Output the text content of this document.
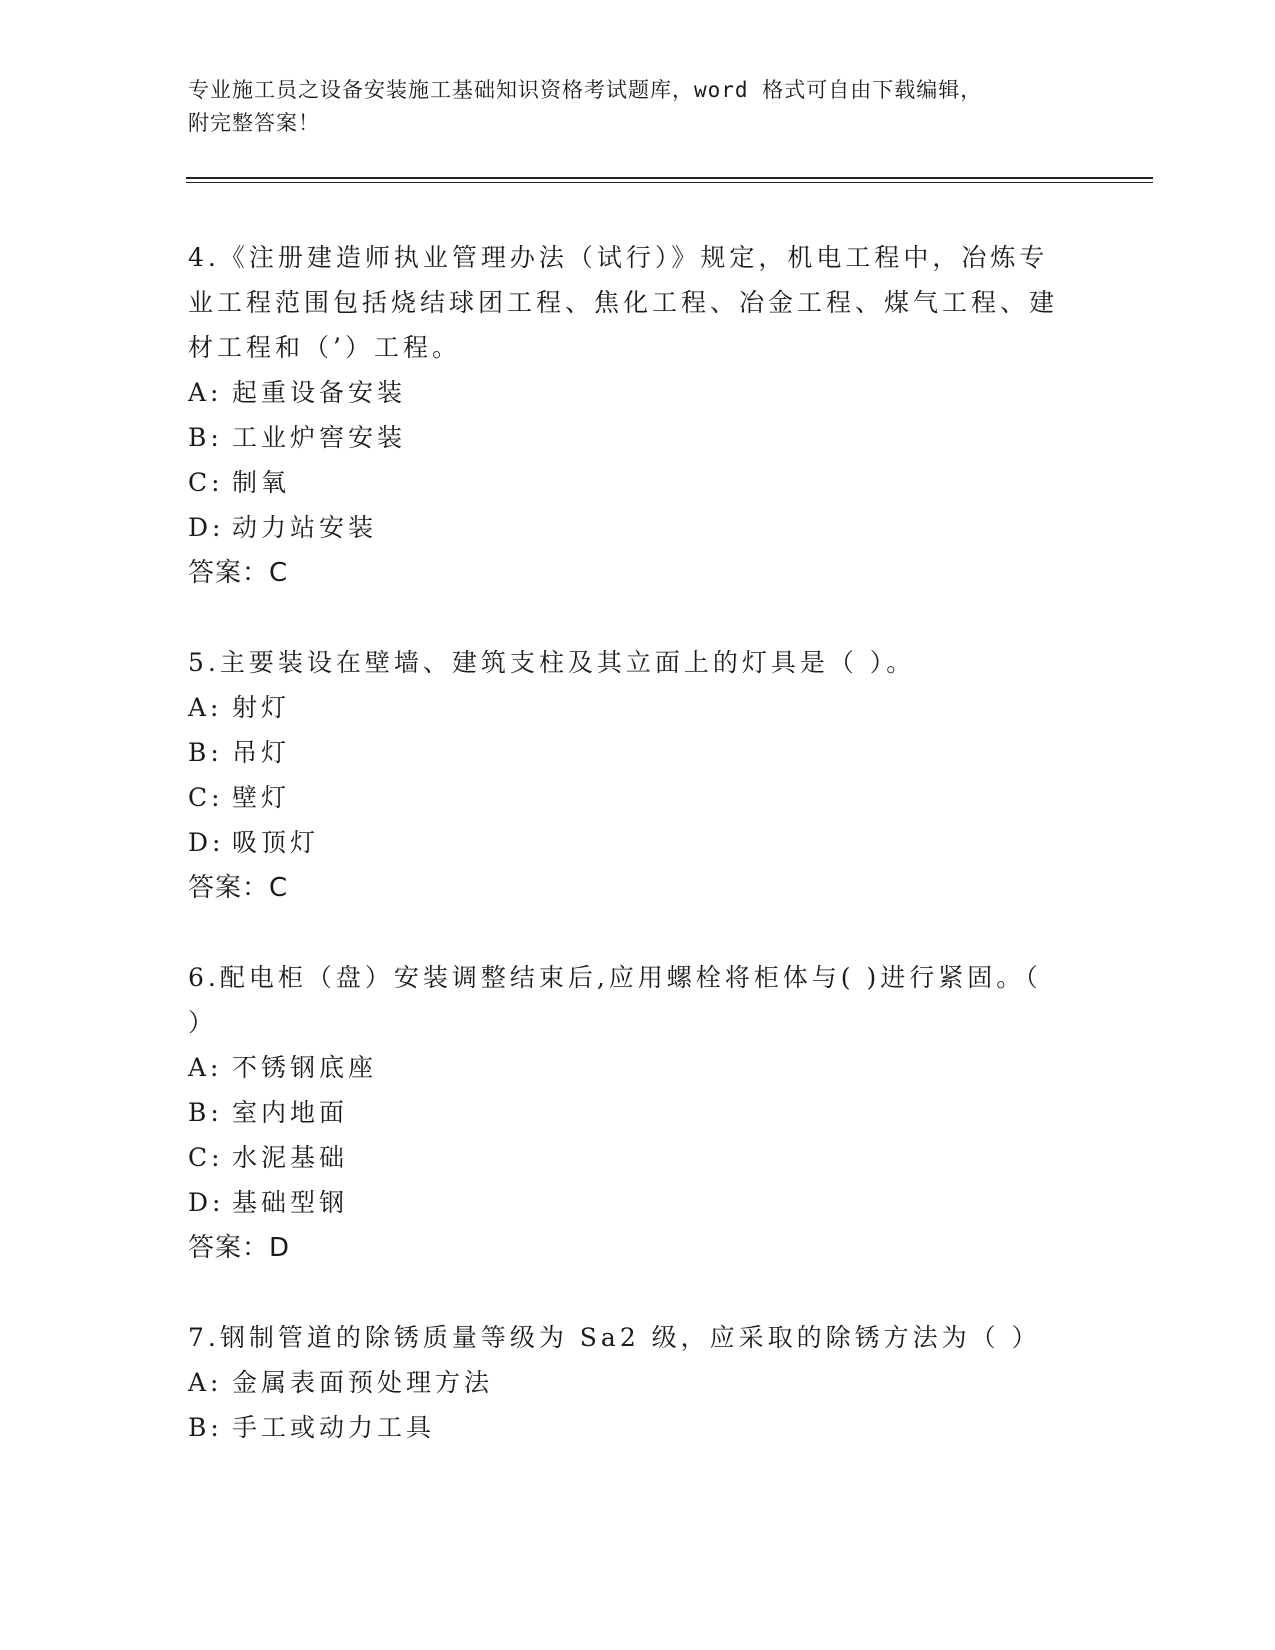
专业施工员之设备安装施工基础知识资格考试题库，word 格式可自由下载编辑，
附完整答案！

4.《注册建造师执业管理办法（试行）》规定，机电工程中，冶炼专业工程范围包括烧结球团工程、焦化工程、冶金工程、煤气工程、建材工程和（’）工程。

A: 起重设备安装
B: 工业炉窖安装
C: 制氧
D: 动力站安装
答案：C

5.主要装设在壁墙、建筑支柱及其立面上的灯具是（ ）。

A: 射灯
B: 吊灯
C: 壁灯
D: 吸顶灯
答案：C

6.配电柜（盘）安装调整结束后,应用螺栓将柜体与( )进行紧固。（ ）

A: 不锈钢底座
B: 室内地面
C: 水泥基础
D: 基础型钢
答案：D

7.钢制管道的除锈质量等级为 Sa2 级，应采取的除锈方法为（ ）

A: 金属表面预处理方法
B: 手工或动力工具
